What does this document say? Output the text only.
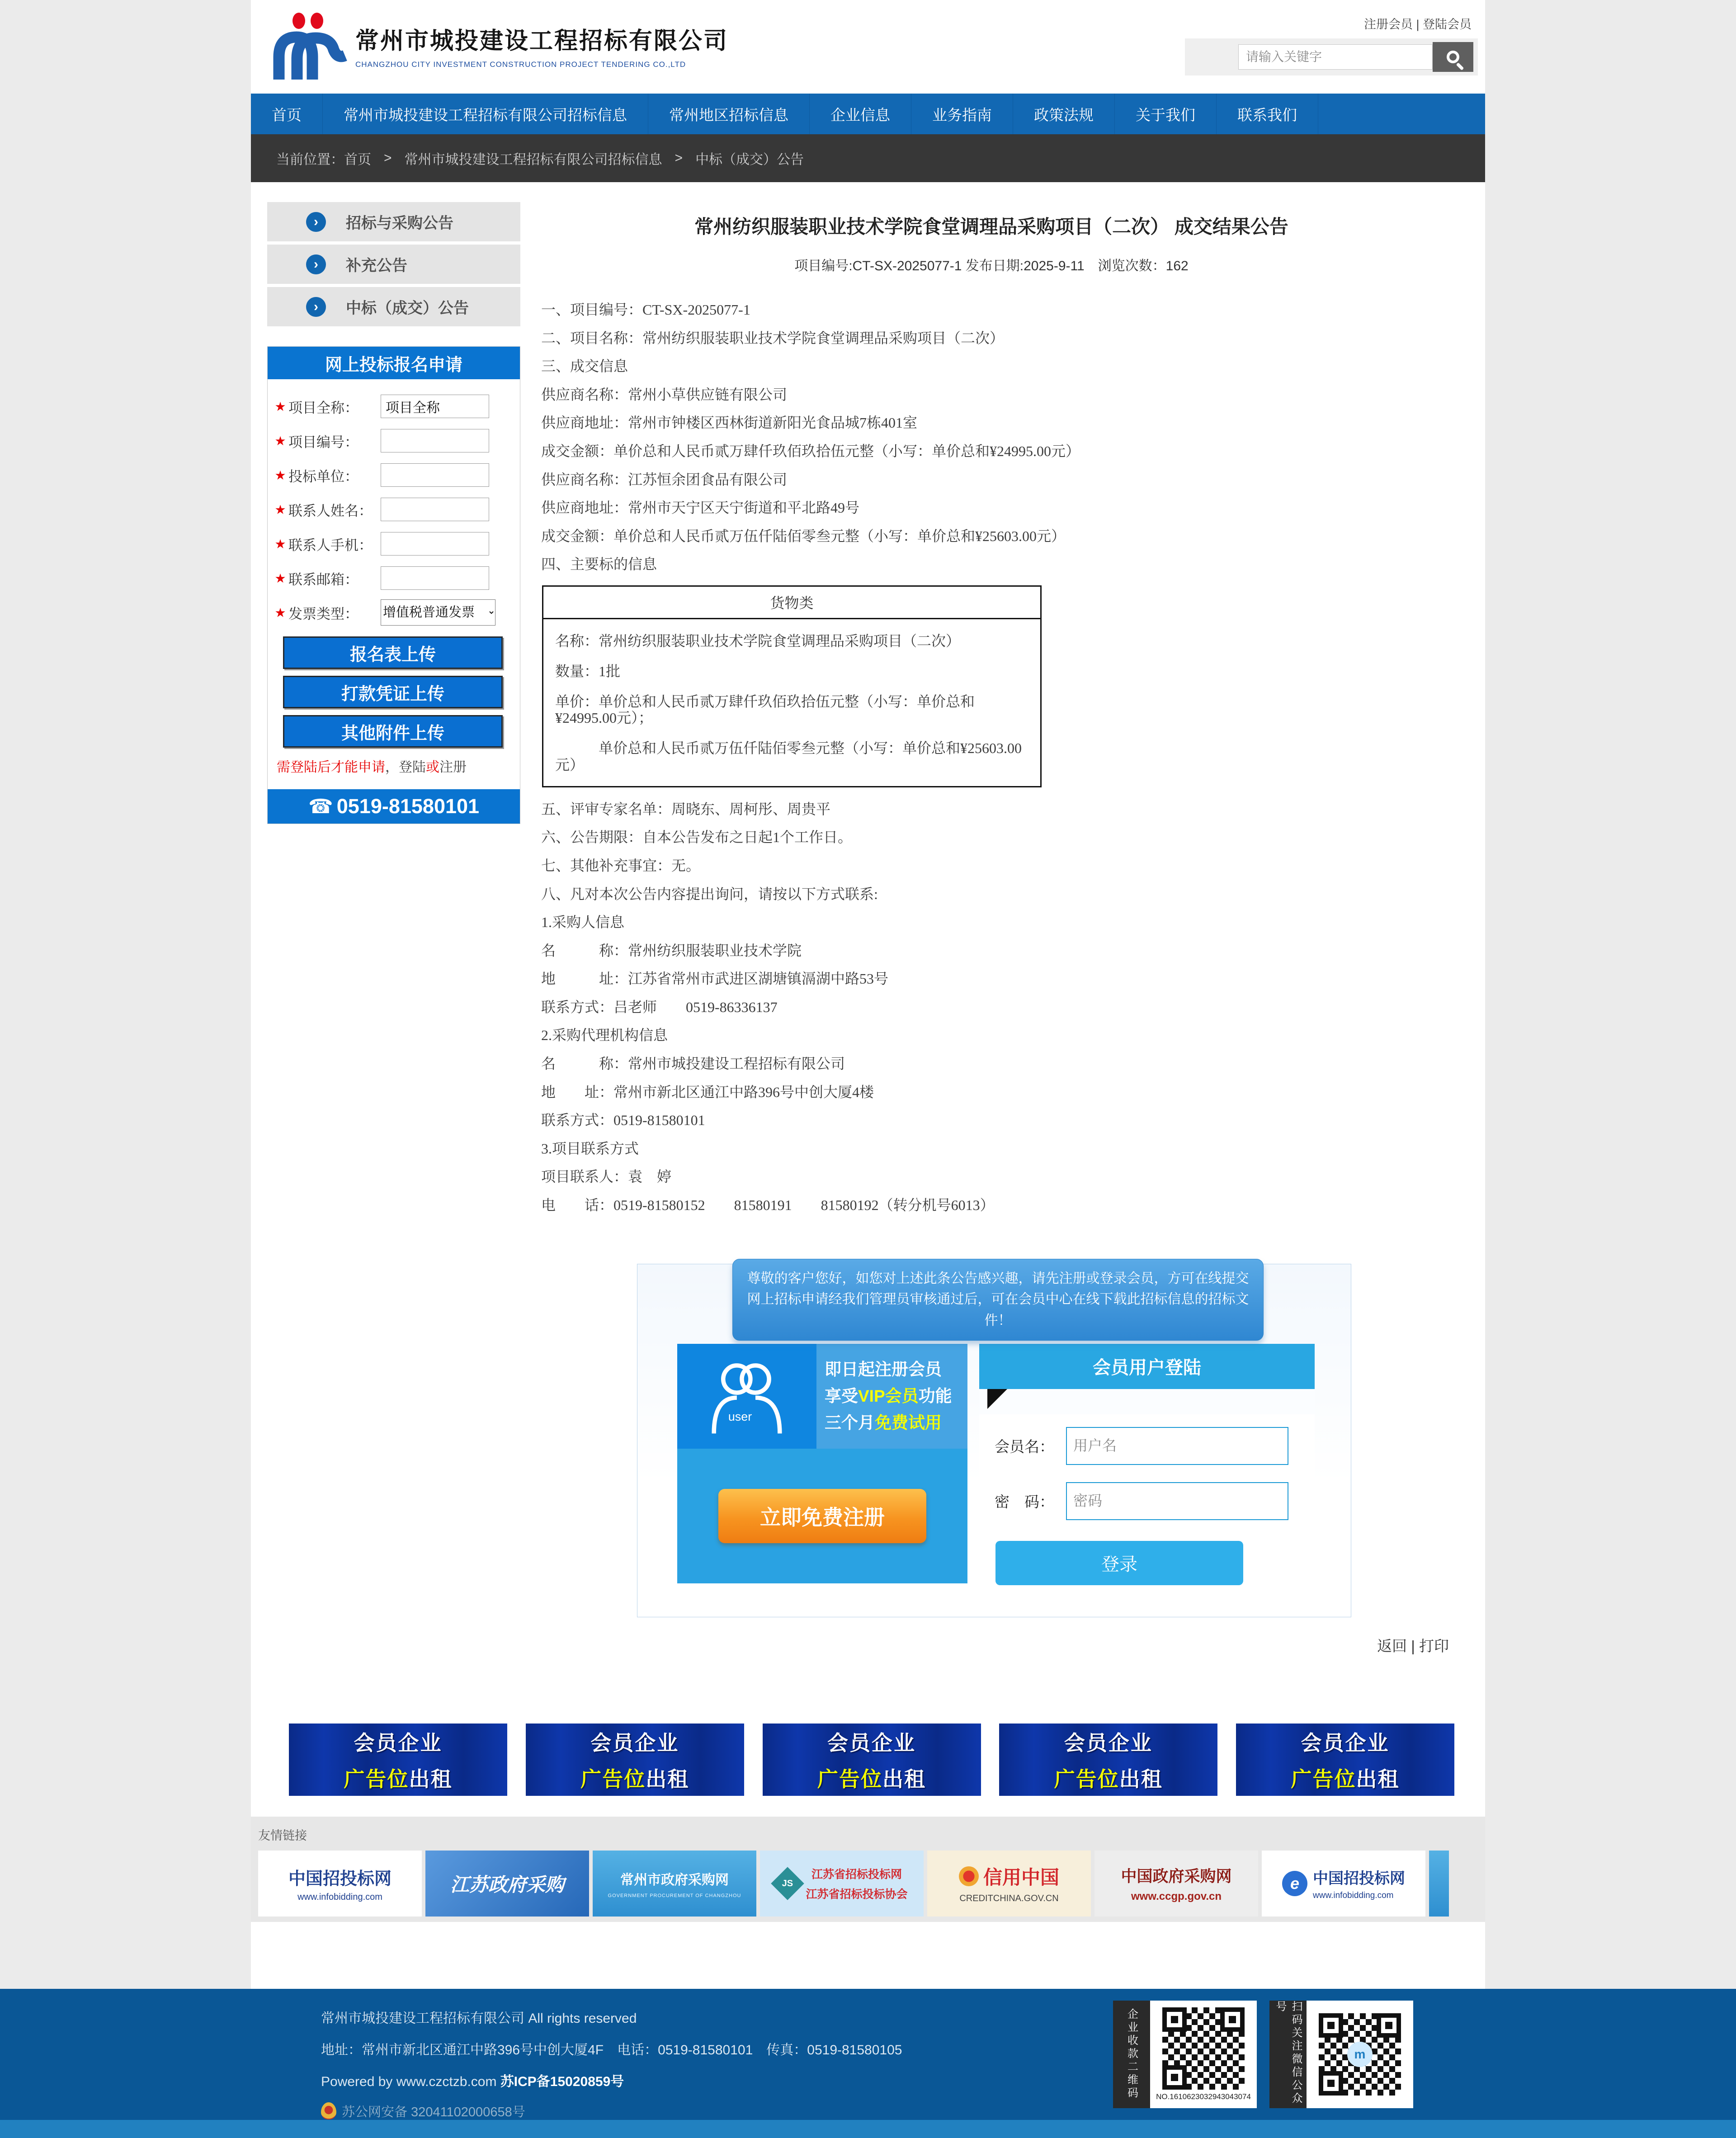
常州市城投建设工程招标有限公司
CHANGZHOU CITY INVESTMENT CONSTRUCTION PROJECT TENDERING CO.,LTD
注册会员 | 登陆会员
请输入关键字
首页	常州市城投建设工程招标有限公司招标信息	常州地区招标信息	企业信息	业务指南	政策法规	关于我们	联系我们
当前位置：首页 > 常州市城投建设工程招标有限公司招标信息 > 中标（成交）公告
›	招标与采购公告
›	补充公告
›	中标（成交）公告
网上投标报名申请
★ 项目全称：
项目全称
★ 项目编号：
★ 投标单位：
★ 联系人姓名：
★ 联系人手机：
★ 联系邮箱：
★ 发票类型：
增值税普通发票
报名表上传
打款凭证上传
其他附件上传
需登陆后才能申请，登陆或注册
☎ 0519-81580101
常州纺织服装职业技术学院食堂调理品采购项目（二次） 成交结果公告
项目编号:CT-SX-2025077-1 发布日期:2025-9-11　浏览次数：162

一、项目编号：CT-SX-2025077-1

二、项目名称：常州纺织服装职业技术学院食堂调理品采购项目（二次）

三、成交信息

供应商名称：常州小草供应链有限公司

供应商地址：常州市钟楼区西林街道新阳光食品城7栋401室

成交金额：单价总和人民币贰万肆仟玖佰玖拾伍元整（小写：单价总和¥24995.00元）

供应商名称：江苏恒余团食品有限公司

供应商地址：常州市天宁区天宁街道和平北路49号

成交金额：单价总和人民币贰万伍仟陆佰零叁元整（小写：单价总和¥25603.00元）

四、主要标的信息

货物类
名称：常州纺织服装职业技术学院食堂调理品采购项目（二次）
数量：1批
单价：单价总和人民币贰万肆仟玖佰玖拾伍元整（小写：单价总和¥24995.00元）；
　　　单价总和人民币贰万伍仟陆佰零叁元整（小写：单价总和¥25603.00元）

五、评审专家名单：周晓东、周柯彤、周贵平

六、公告期限：自本公告发布之日起1个工作日。

七、其他补充事宜：无。

八、凡对本次公告内容提出询问，请按以下方式联系:

1.采购人信息

名　　　称：常州纺织服装职业技术学院

地　　　址：江苏省常州市武进区湖塘镇滆湖中路53号

联系方式：吕老师　　0519-86336137

2.采购代理机构信息

名　　　称：常州市城投建设工程招标有限公司

地　　址：常州市新北区通江中路396号中创大厦4楼

联系方式：0519-81580101

3.项目联系方式

项目联系人：袁　婷

电　　话：0519-81580152　　81580191　　81580192（转分机号6013）

尊敬的客户您好，如您对上述此条公告感兴趣，请先注册或登录会员，方可在线提交
网上招标申请经我们管理员审核通过后，可在会员中心在线下载此招标信息的招标文件！
user
即日起注册会员
享受VIP会员功能
三个月免费试用
立即免费注册
会员用户登陆
会员名：
用户名
密　码：
登录
返回 | 打印
会员企业
广告位出租
会员企业
广告位出租
会员企业
广告位出租
会员企业
广告位出租
会员企业
广告位出租
友情链接
中国招投标网
www.infobidding.com
江苏政府采购	常州市政府采购网
GOVERNMENT PROCUREMENT OF CHANGZHOU
JS
江苏省招标投标网
江苏省招标投标协会
信用中国
CREDITCHINA.GOV.CN
中国政府采购网
www.ccgp.gov.cn
e 中国招投标网
www.infobidding.com
常州市城投建设工程招标有限公司 All rights reserved
地址：常州市新北区通江中路396号中创大厦4F　电话：0519-81580101　传真：0519-81580105
Powered by www.czctzb.com 苏ICP备15020859号
苏公网安备 32041102000658号
企业收款二维码	NO.1610623032943043074	扫码关注微信公众号
m
